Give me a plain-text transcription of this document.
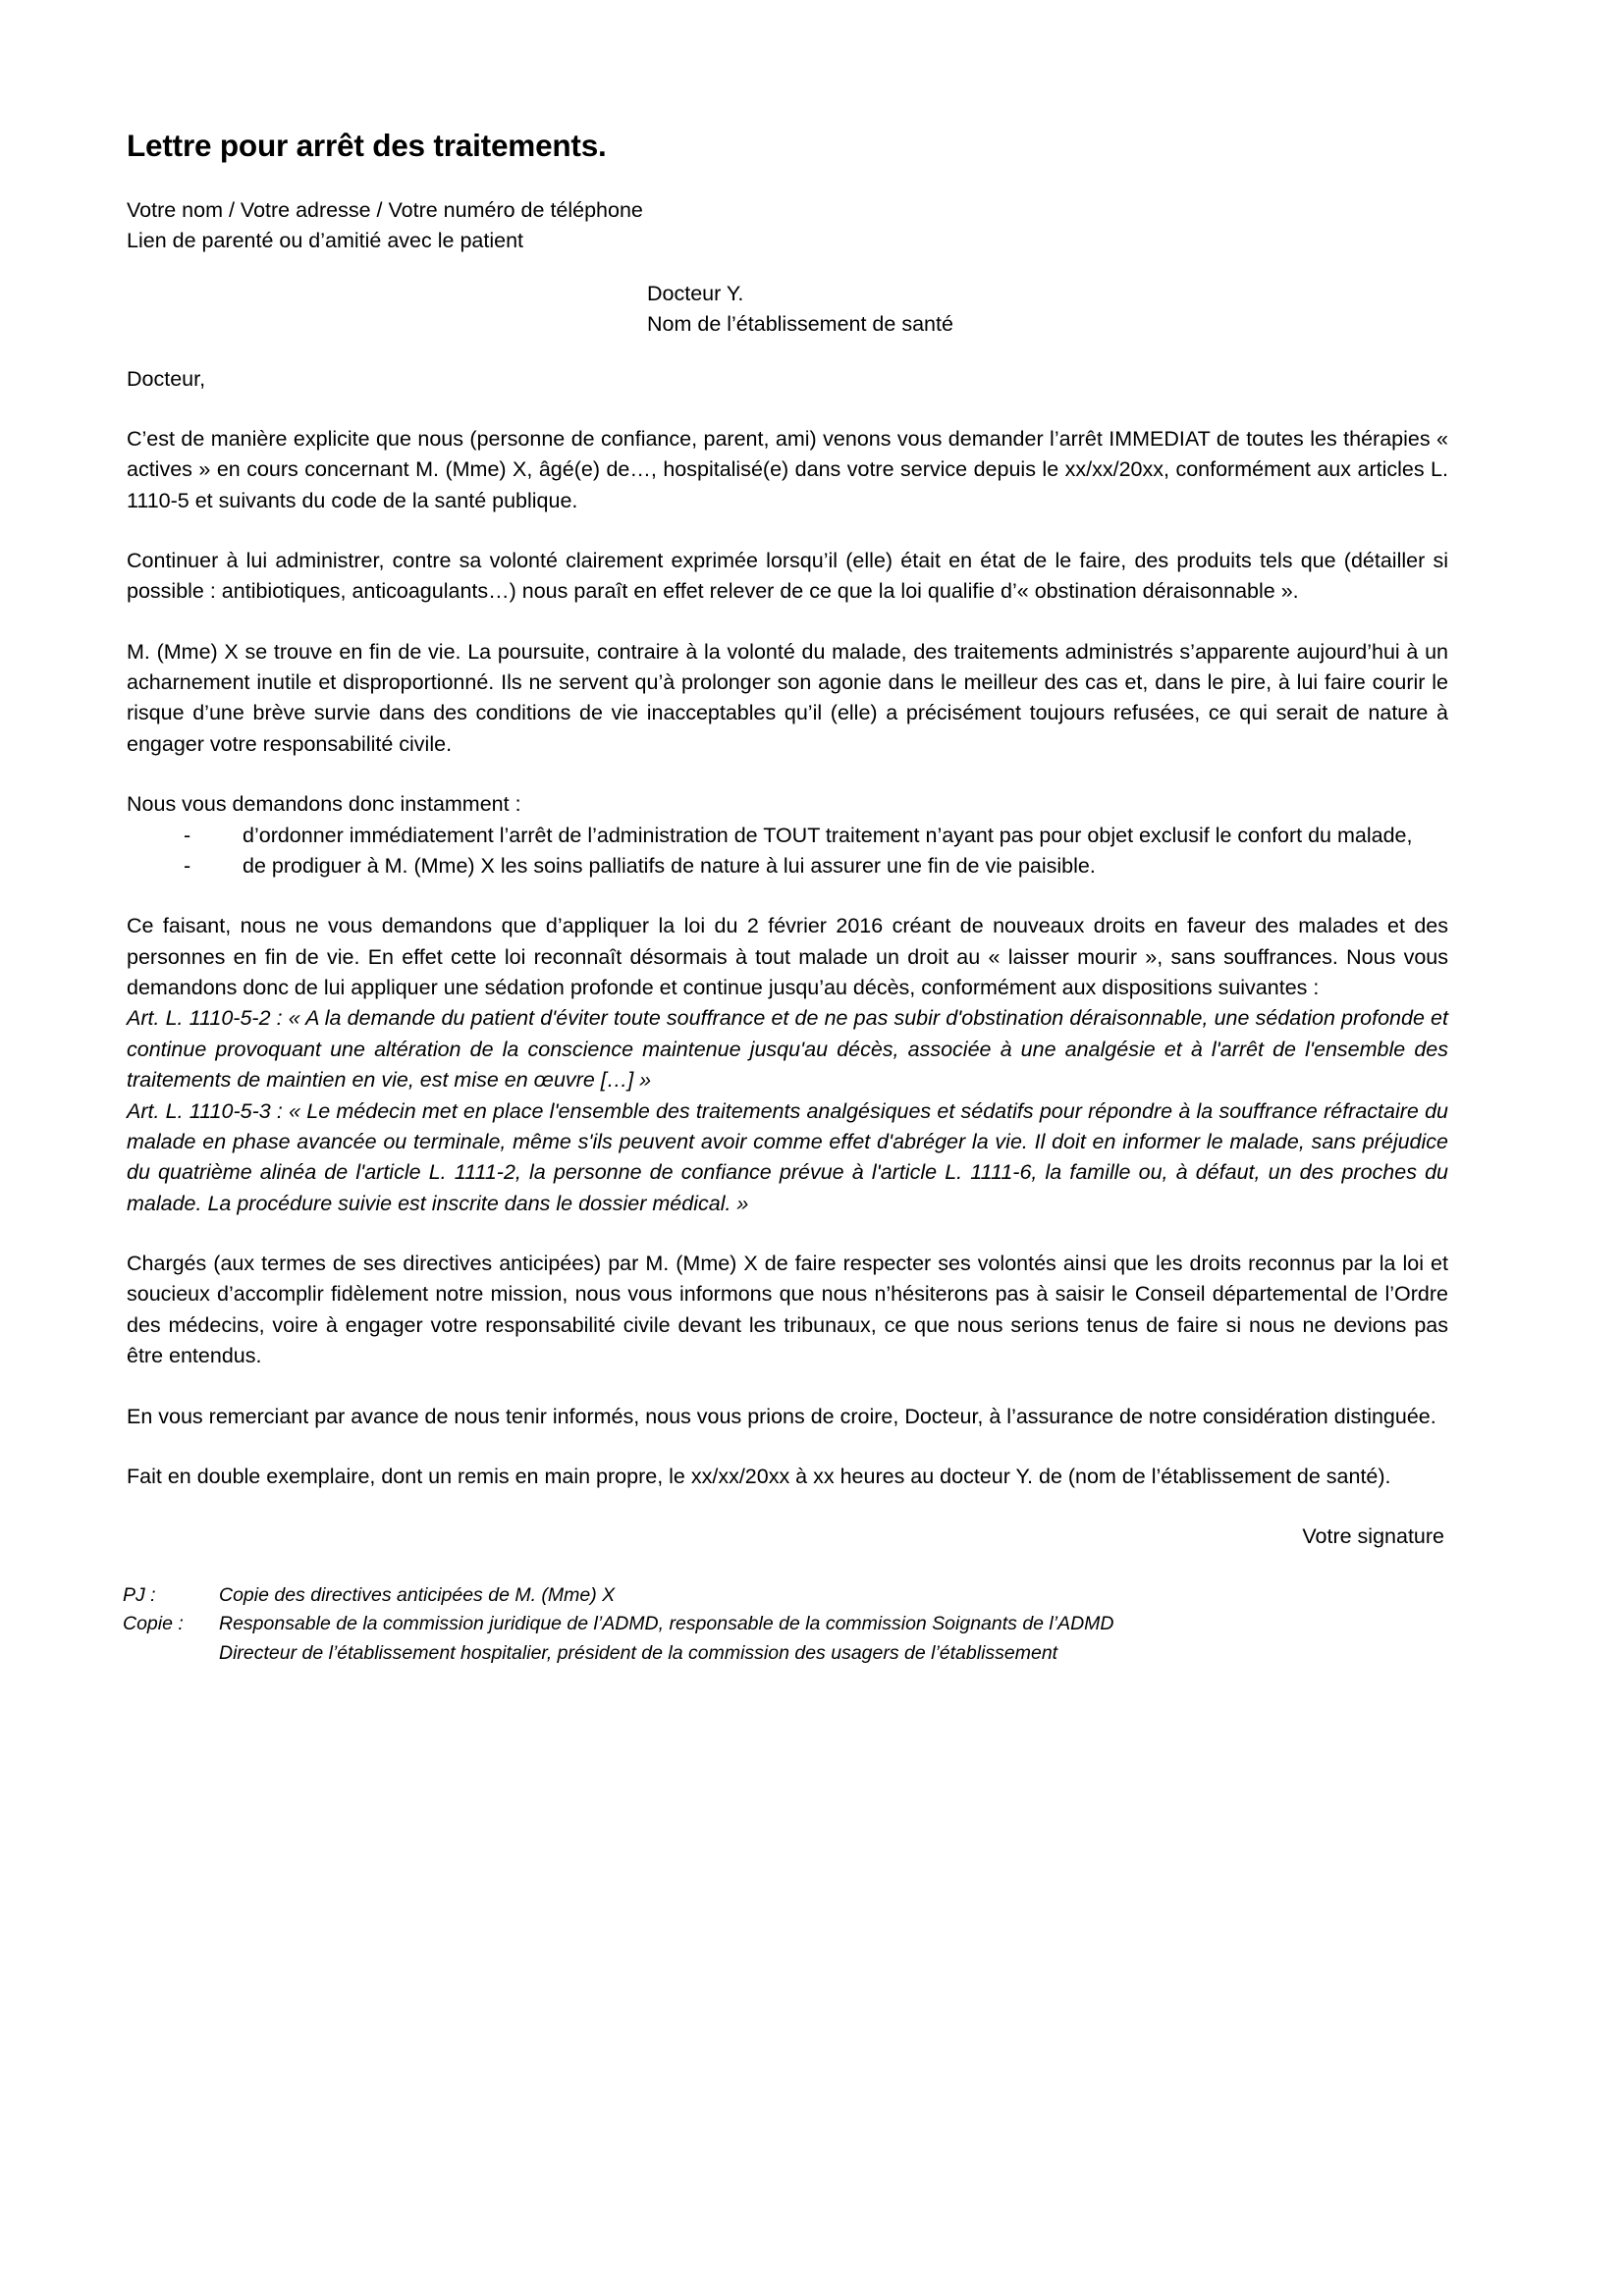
Lettre pour arrêt des traitements.
Votre nom / Votre adresse / Votre numéro de téléphone
Lien de parenté ou d’amitié avec le patient
Docteur Y.
Nom de l’établissement de santé
Docteur,

C’est de manière explicite que nous (personne de confiance, parent, ami) venons vous demander l’arrêt IMMEDIAT de toutes les thérapies « actives » en cours concernant M. (Mme) X, âgé(e) de…, hospitalisé(e) dans votre service depuis le xx/xx/20xx, conformément aux articles L. 1110-5 et suivants du code de la santé publique.

Continuer à lui administrer, contre sa volonté clairement exprimée lorsqu’il (elle) était en état de le faire, des produits tels que (détailler si possible : antibiotiques, anticoagulants…) nous paraît en effet relever de ce que la loi qualifie d’« obstination déraisonnable ».

M. (Mme) X se trouve en fin de vie. La poursuite, contraire à la volonté du malade, des traitements administrés s’apparente aujourd’hui à un acharnement inutile et disproportionné. Ils ne servent qu’à prolonger son agonie dans le meilleur des cas et, dans le pire, à lui faire courir le risque d’une brève survie dans des conditions de vie inacceptables qu’il (elle) a précisément toujours refusées, ce qui serait de nature à engager votre responsabilité civile.

Nous vous demandons donc instamment :

- d’ordonner immédiatement l’arrêt de l’administration de TOUT traitement n’ayant pas pour objet exclusif le confort du malade,
- de prodiguer à M. (Mme) X les soins palliatifs de nature à lui assurer une fin de vie paisible.

Ce faisant, nous ne vous demandons que d’appliquer la loi du 2 février 2016 créant de nouveaux droits en faveur des malades et des personnes en fin de vie. En effet cette loi reconnaît désormais à tout malade un droit au « laisser mourir », sans souffrances. Nous vous demandons donc de lui appliquer une sédation profonde et continue jusqu’au décès, conformément aux dispositions suivantes :

Art. L. 1110-5-2 : « A la demande du patient d'éviter toute souffrance et de ne pas subir d'obstination déraisonnable, une sédation profonde et continue provoquant une altération de la conscience maintenue jusqu'au décès, associée à une analgésie et à l'arrêt de l'ensemble des traitements de maintien en vie, est mise en œuvre […] »

Art. L. 1110-5-3 : « Le médecin met en place l'ensemble des traitements analgésiques et sédatifs pour répondre à la souffrance réfractaire du malade en phase avancée ou terminale, même s'ils peuvent avoir comme effet d'abréger la vie. Il doit en informer le malade, sans préjudice du quatrième alinéa de l'article L. 1111-2, la personne de confiance prévue à l'article L. 1111-6, la famille ou, à défaut, un des proches du malade. La procédure suivie est inscrite dans le dossier médical. »

Chargés (aux termes de ses directives anticipées) par M. (Mme) X de faire respecter ses volontés ainsi que les droits reconnus par la loi et soucieux d’accomplir fidèlement notre mission, nous vous informons que nous n’hésiterons pas à saisir le Conseil départemental de l’Ordre des médecins, voire à engager votre responsabilité civile devant les tribunaux, ce que nous serions tenus de faire si nous ne devions pas être entendus.

En vous remerciant par avance de nous tenir informés, nous vous prions de croire, Docteur, à l’assurance de notre considération distinguée.

Fait en double exemplaire, dont un remis en main propre, le xx/xx/20xx à xx heures au docteur Y. de (nom de l’établissement de santé).

Votre signature
PJ :	Copie des directives anticipées de M. (Mme) X
Copie :	Responsable de la commission juridique de l’ADMD, responsable de la commission Soignants de l’ADMD
Directeur de l’établissement hospitalier, président de la commission des usagers de l’établissement
